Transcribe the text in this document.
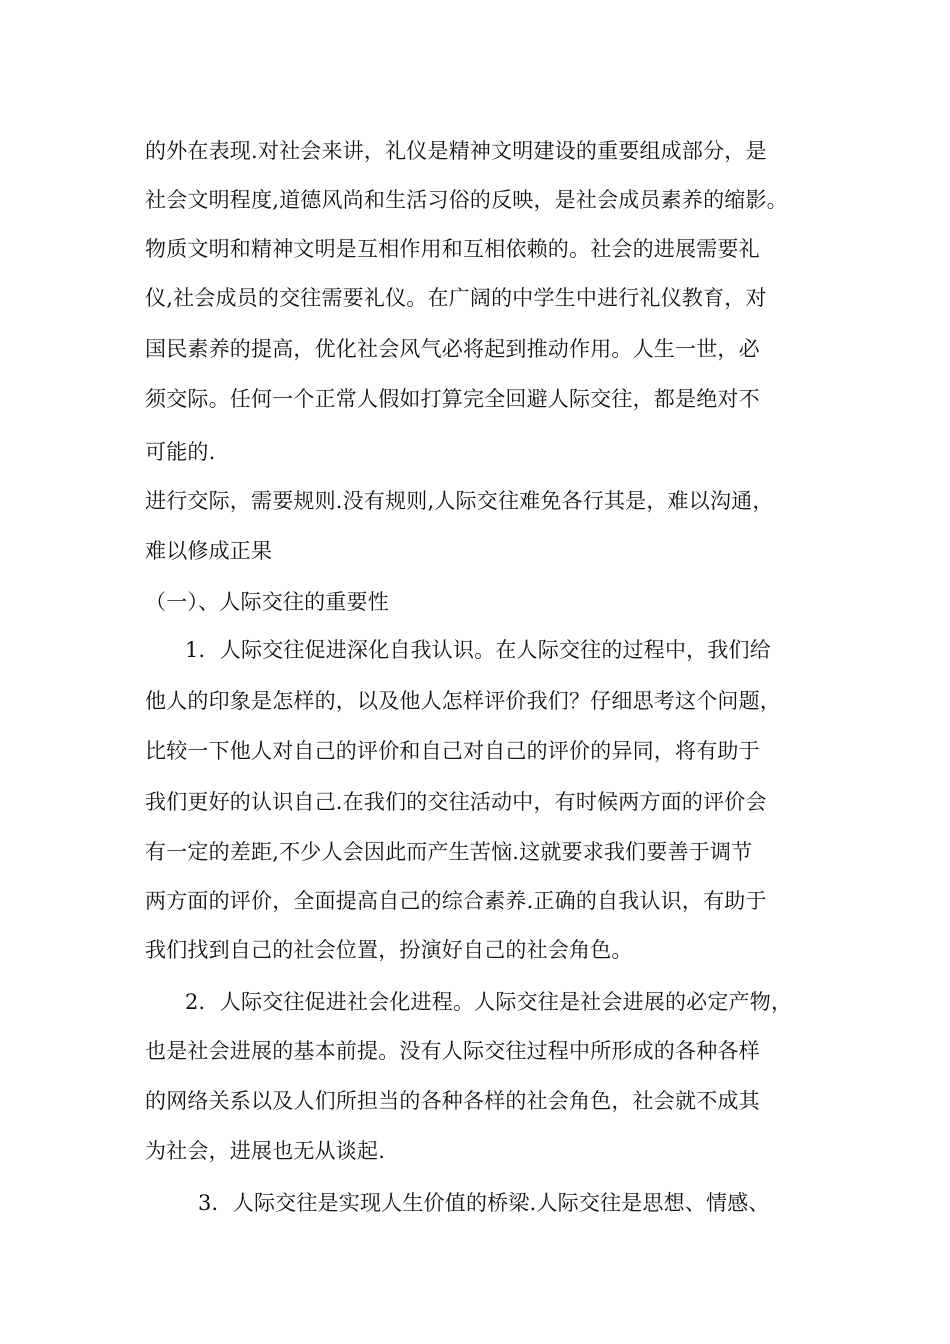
的外在表现.对社会来讲，礼仪是精神文明建设的重要组成部分，是
社会文明程度,道德风尚和生活习俗的反映，是社会成员素养的缩影。
物质文明和精神文明是互相作用和互相依赖的。社会的进展需要礼
仪,社会成员的交往需要礼仪。在广阔的中学生中进行礼仪教育，对
国民素养的提高，优化社会风气必将起到推动作用。人生一世，必
须交际。任何一个正常人假如打算完全回避人际交往，都是绝对不
可能的.
进行交际，需要规则.没有规则,人际交往难免各行其是，难以沟通，
难以修成正果
（一）、人际交往的重要性
1．人际交往促进深化自我认识。在人际交往的过程中，我们给
他人的印象是怎样的，以及他人怎样评价我们？仔细思考这个问题，
比较一下他人对自己的评价和自己对自己的评价的异同，将有助于
我们更好的认识自己.在我们的交往活动中，有时候两方面的评价会
有一定的差距,不少人会因此而产生苦恼.这就要求我们要善于调节
两方面的评价，全面提高自己的综合素养.正确的自我认识，有助于
我们找到自己的社会位置，扮演好自己的社会角色。
2．人际交往促进社会化进程。人际交往是社会进展的必定产物，
也是社会进展的基本前提。没有人际交往过程中所形成的各种各样
的网络关系以及人们所担当的各种各样的社会角色，社会就不成其
为社会，进展也无从谈起.
3．人际交往是实现人生价值的桥梁.人际交往是思想、情感、
